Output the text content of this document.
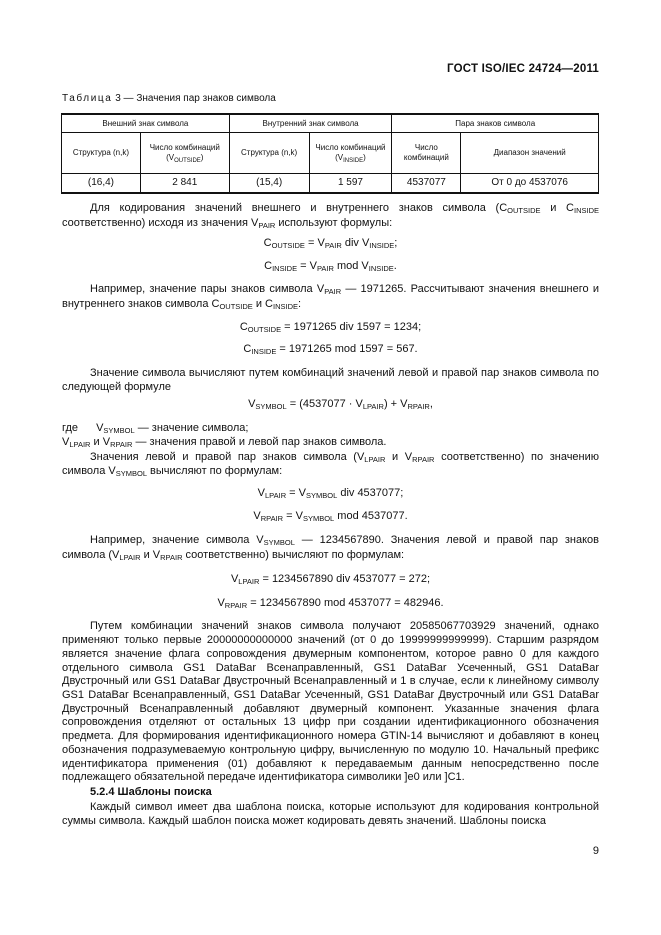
ГОСТ ISO/IEC 24724—2011
Таблица 3 — Значения пар знаков символа
Внешний знак символа		Внутренний знак символа		Пара знаков символа	
Структура (n,k)	Число комбинаций $(V_{OUTSIDE})$	Структура (n,k)	Число комбинаций $(V_{INSIDE})$	Число комбинаций	Диапазон значений
(16,4)	2 841	(15,4)	1 597	4537077	От 0 до 4537076

Для кодирования значений внешнего и внутреннего знаков символа ($C_{OUTSIDE}$ и $C_{INSIDE}$ соответственно) исходя из значения $V_{PAIR}$ используют формулы:

$C_{OUTSIDE} = V_{PAIR}$ div $V_{INSIDE}$;

$C_{INSIDE} = V_{PAIR}$ mod $V_{INSIDE}$.

Например, значение пары знаков символа $V_{PAIR}$ — 1971265. Рассчитывают значения внешнего и внутреннего знаков символа $C_{OUTSIDE}$ и $C_{INSIDE}$:

$C_{OUTSIDE} = 1971265$ div 1597 = 1234;

$C_{INSIDE} = 1971265$ mod 1597 = 567.

Значение символа вычисляют путем комбинаций значений левой и правой пар знаков символа по следующей формуле

$V_{SYMBOL} = (4537077 \cdot V_{LPAIR}) + V_{RPAIR}$,

где $V_{SYMBOL}$ — значение символа;

$V_{LPAIR}$ и $V_{RPAIR}$ — значения правой и левой пар знаков символа.

Значения левой и правой пар знаков символа ($V_{LPAIR}$ и $V_{RPAIR}$ соответственно) по значению символа $V_{SYMBOL}$ вычисляют по формулам:

$V_{LPAIR} = V_{SYMBOL}$ div 4537077;

$V_{RPAIR} = V_{SYMBOL}$ mod 4537077.

Например, значение символа $V_{SYMBOL}$ — 1234567890. Значения левой и правой пар знаков символа ($V_{LPAIR}$ и $V_{RPAIR}$ соответственно) вычисляют по формулам:

$V_{LPAIR} = 1234567890$ div 4537077 = 272;

$V_{RPAIR} = 1234567890$ mod 4537077 = 482946.

Путем комбинации значений знаков символа получают 20585067703929 значений, однако применяют только первые 20000000000000 значений (от 0 до 19999999999999). Старшим разрядом является значение флага сопровождения двумерным компонентом, которое равно 0 для каждого отдельного символа GS1 DataBar Всенаправленный, GS1 DataBar Усеченный, GS1 DataBar Двустрочный или GS1 DataBar Двустрочный Всенаправленный и 1 в случае, если к линейному символу GS1 DataBar Всенаправленный, GS1 DataBar Усеченный, GS1 DataBar Двустрочный или GS1 DataBar Двустрочный Всенаправленный добавляют двумерный компонент. Указанные значения флага сопровождения отделяют от остальных 13 цифр при создании идентификационного обозначения предмета. Для формирования идентификационного номера GTIN-14 вычисляют и добавляют в конец обозначения подразумеваемую контрольную цифру, вычисленную по модулю 10. Начальный префикс идентификатора применения (01) добавляют к передаваемым данным непосредственно после подлежащего обязательной передаче идентификатора символики ]e0 или ]C1.

5.2.4 Шаблоны поиска

Каждый символ имеет два шаблона поиска, которые используют для кодирования контрольной суммы символа. Каждый шаблон поиска может кодировать девять значений. Шаблоны поиска

9
